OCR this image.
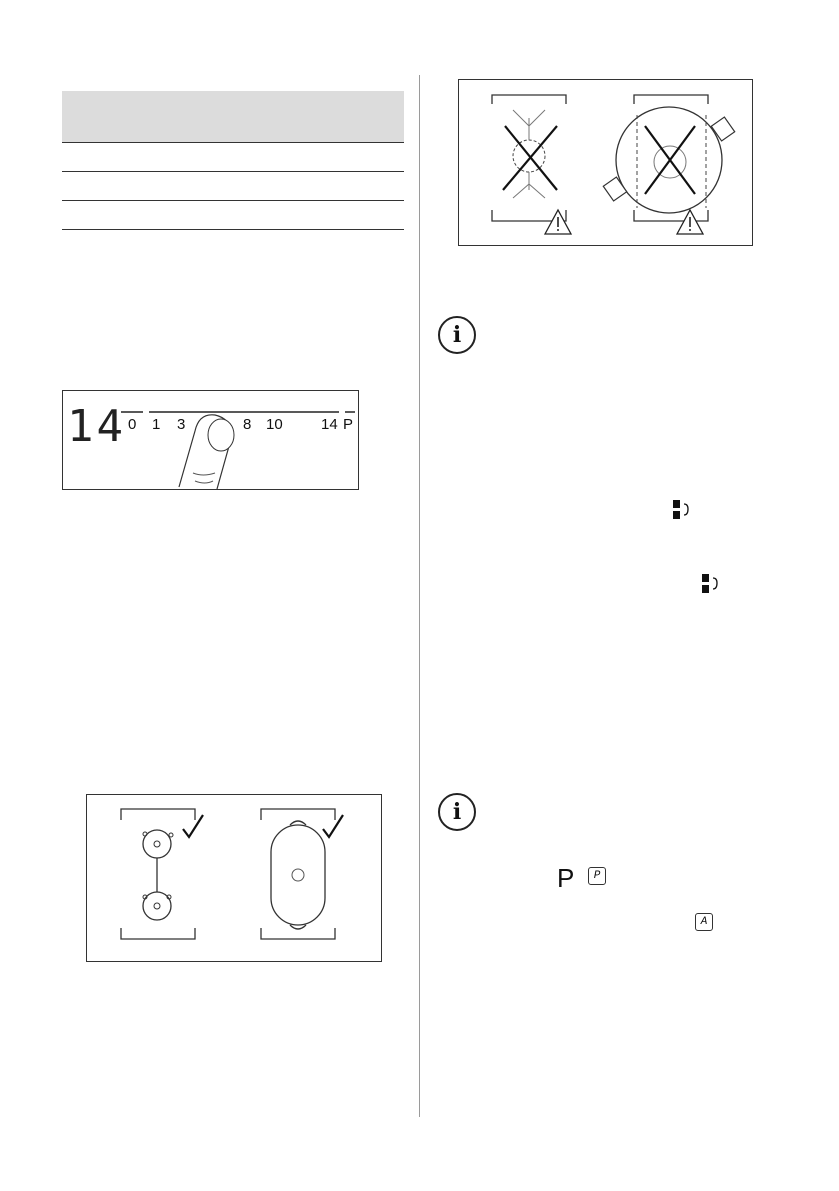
14 0 1 3	8 10	14 P
i
i
P	P
A
